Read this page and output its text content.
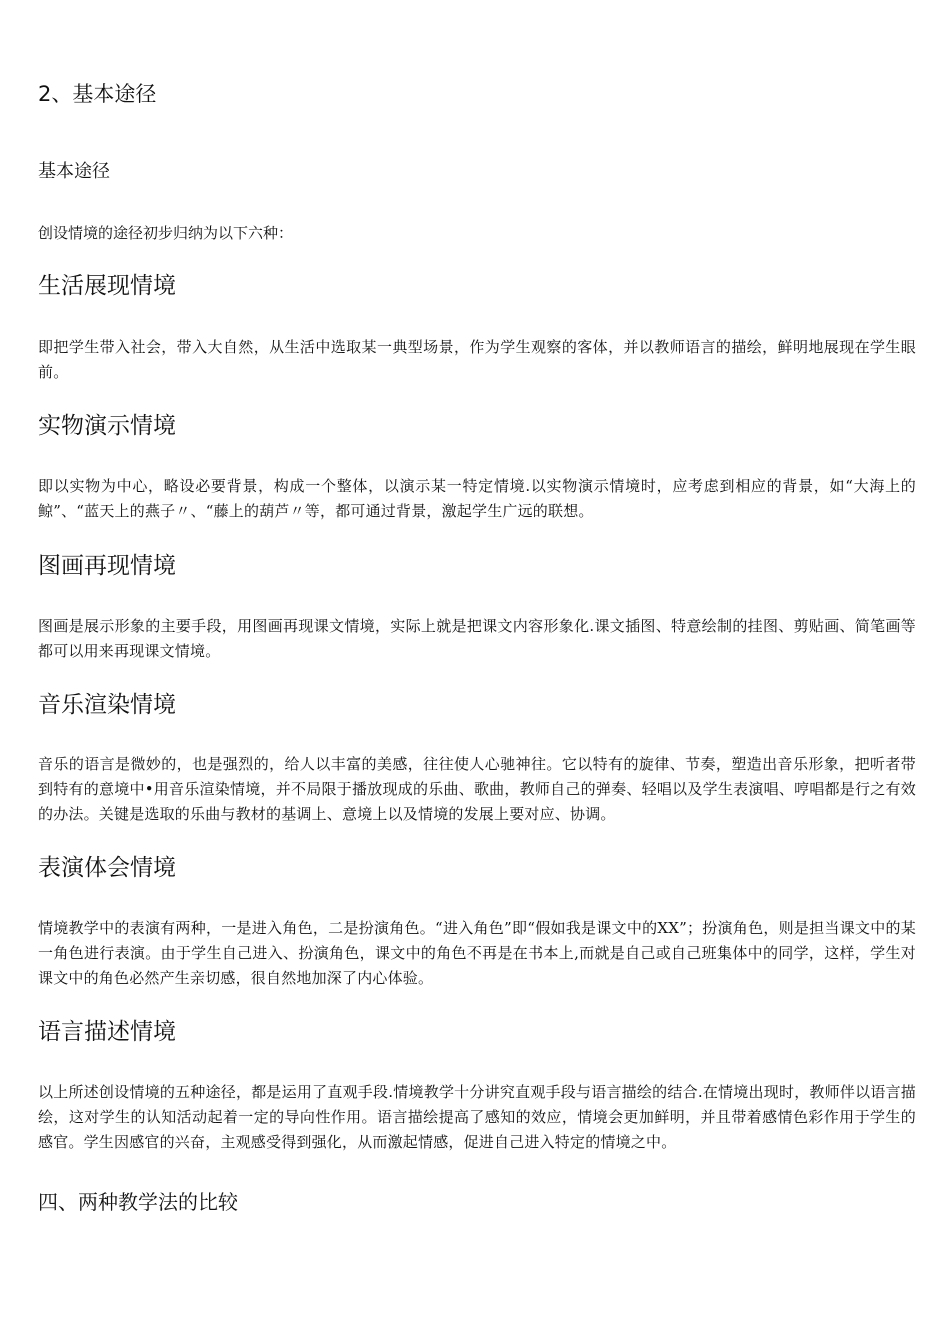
2、基本途径
基本途径

创设情境的途径初步归纳为以下六种：

生活展现情境

即把学生带入社会，带入大自然，从生活中选取某一典型场景，作为学生观察的客体，并以教师语言的描绘，鲜明地展现在学生眼前。

实物演示情境

即以实物为中心，略设必要背景，构成一个整体，以演示某一特定情境.以实物演示情境时，应考虑到相应的背景，如“大海上的鲸”、“蓝天上的燕子〃、“藤上的葫芦〃等，都可通过背景，激起学生广远的联想。

图画再现情境

图画是展示形象的主要手段，用图画再现课文情境，实际上就是把课文内容形象化.课文插图、特意绘制的挂图、剪贴画、简笔画等都可以用来再现课文情境。

音乐渲染情境

音乐的语言是微妙的，也是强烈的，给人以丰富的美感，往往使人心驰神往。它以特有的旋律、节奏，塑造出音乐形象，把听者带到特有的意境中•用音乐渲染情境，并不局限于播放现成的乐曲、歌曲，教师自己的弹奏、轻唱以及学生表演唱、哼唱都是行之有效的办法。关键是选取的乐曲与教材的基调上、意境上以及情境的发展上要对应、协调。

表演体会情境

情境教学中的表演有两种，一是进入角色，二是扮演角色。“进入角色”即“假如我是课文中的XX”；扮演角色，则是担当课文中的某一角色进行表演。由于学生自己进入、扮演角色，课文中的角色不再是在书本上,而就是自己或自己班集体中的同学，这样，学生对课文中的角色必然产生亲切感，很自然地加深了内心体验。

语言描述情境

以上所述创设情境的五种途径，都是运用了直观手段.情境教学十分讲究直观手段与语言描绘的结合.在情境出现时，教师伴以语言描绘，这对学生的认知活动起着一定的导向性作用。语言描绘提高了感知的效应，情境会更加鲜明，并且带着感情色彩作用于学生的感官。学生因感官的兴奋，主观感受得到强化，从而激起情感，促进自己进入特定的情境之中。

四、两种教学法的比较
